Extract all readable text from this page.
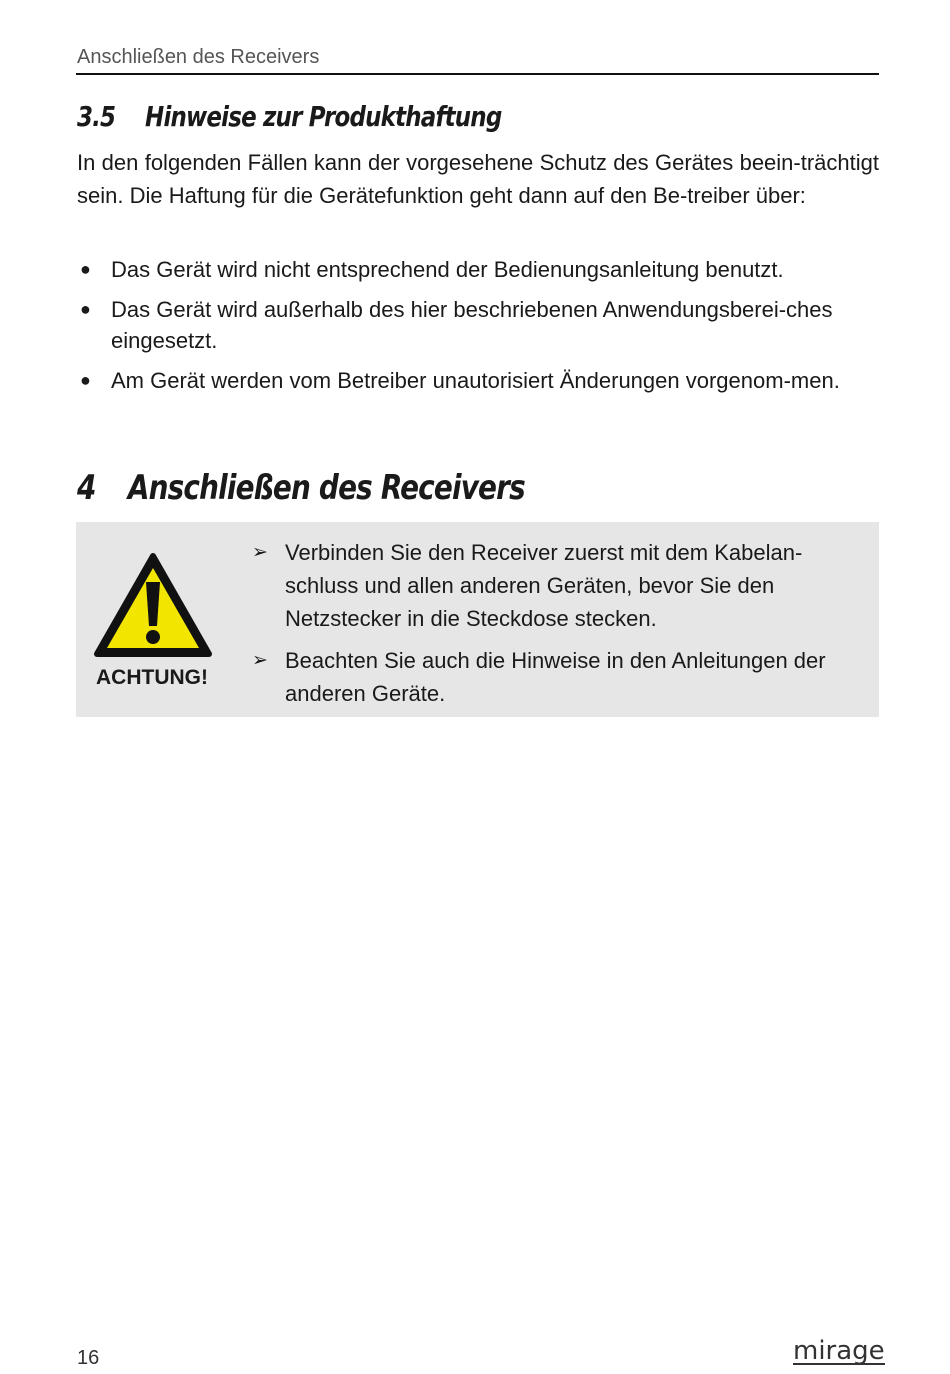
Anschließen des Receivers
3.5 Hinweise zur Produkthaftung

In den folgenden Fällen kann der vorgesehene Schutz des Gerätes beein-trächtigt sein. Die Haftung für die Gerätefunktion geht dann auf den Be-treiber über:

● Das Gerät wird nicht entsprechend der Bedienungsanleitung benutzt.
● Das Gerät wird außerhalb des hier beschriebenen Anwendungsberei-ches eingesetzt.
● Am Gerät werden vom Betreiber unautorisiert Änderungen vorgenom-men.
4 Anschließen des Receivers
ACHTUNG!
➢ Verbinden Sie den Receiver zuerst mit dem Kabelan-schluss und allen anderen Geräten, bevor Sie den Netzstecker in die Steckdose stecken.
➢ Beachten Sie auch die Hinweise in den Anleitungen der anderen Geräte.
16	mirage
